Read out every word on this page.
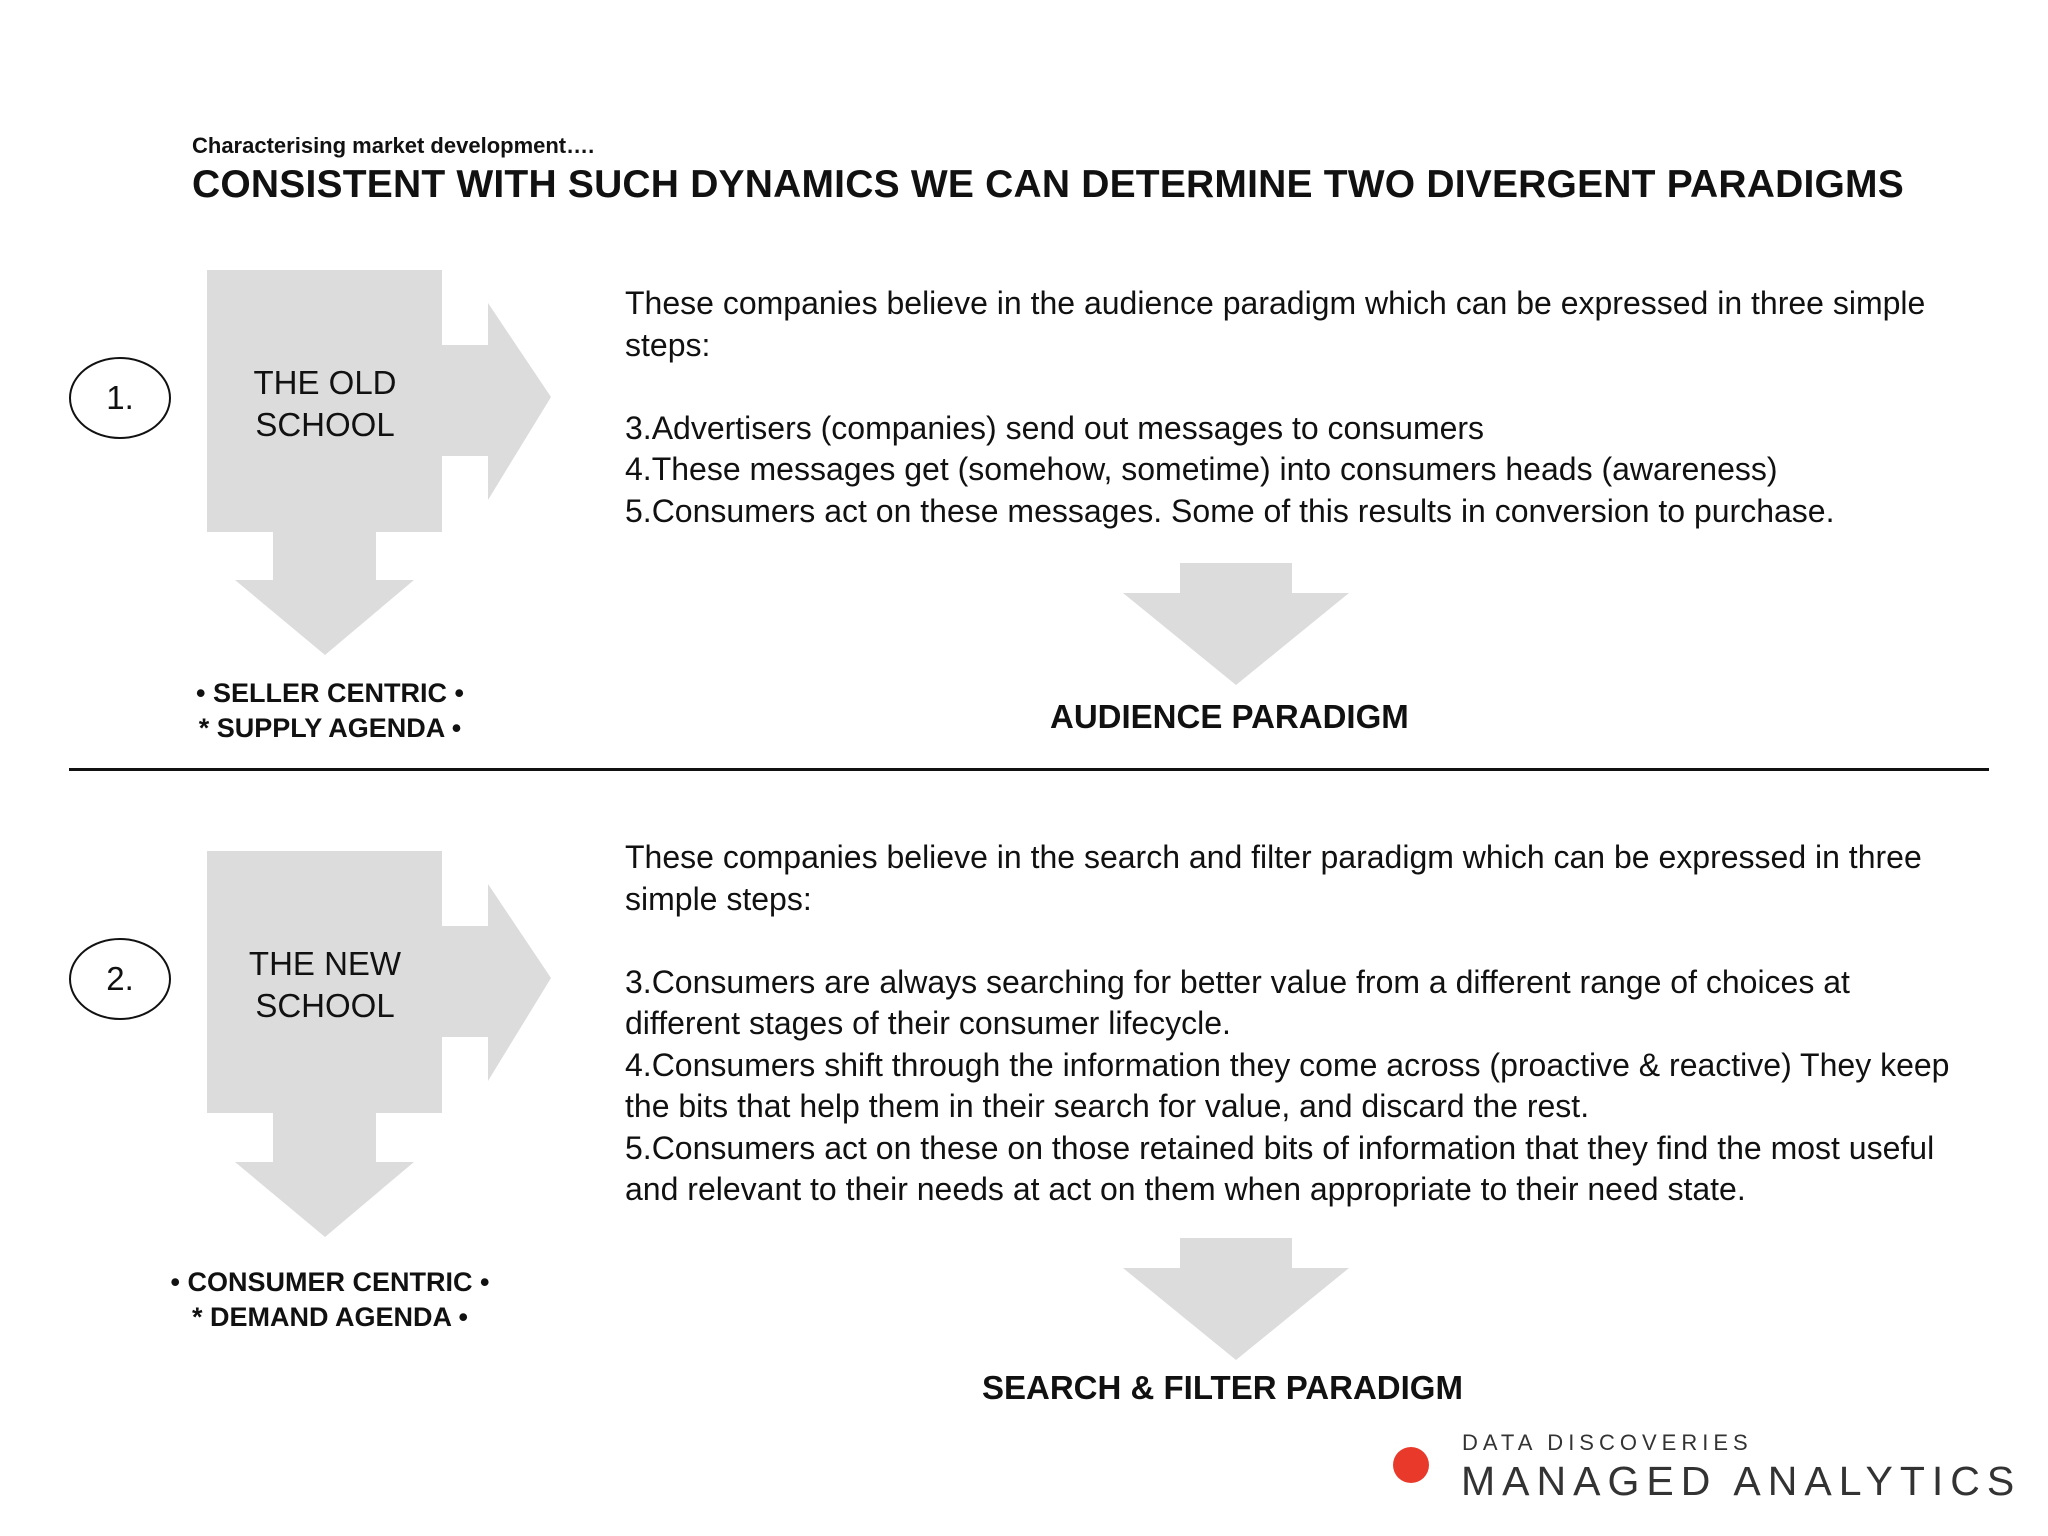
Characterising market development….
CONSISTENT WITH SUCH DYNAMICS WE CAN DETERMINE TWO DIVERGENT PARADIGMS
1.	THE OLD
SCHOOL
• SELLER CENTRIC •
* SUPPLY AGENDA •

These companies believe in the audience paradigm which can be expressed in three simple steps:

3.Advertisers (companies) send out messages to consumers

4.These messages get (somehow, sometime) into consumers heads (awareness)

5.Consumers act on these messages. Some of this results in conversion to purchase.

AUDIENCE PARADIGM
2.	THE NEW
SCHOOL
• CONSUMER CENTRIC •
* DEMAND AGENDA •

These companies believe in the search and filter paradigm which can be expressed in three simple steps:

3.Consumers are always searching for better value from a different range of choices at different stages of their consumer lifecycle.

4.Consumers shift through the information they come across (proactive & reactive) They keep the bits that help them in their search for value, and discard the rest.

5.Consumers act on these on those retained bits of information that they find the most useful and relevant to their needs at act on them when appropriate to their need state.

SEARCH & FILTER PARADIGM
DATA DISCOVERIES
MANAGED ANALYTICS
